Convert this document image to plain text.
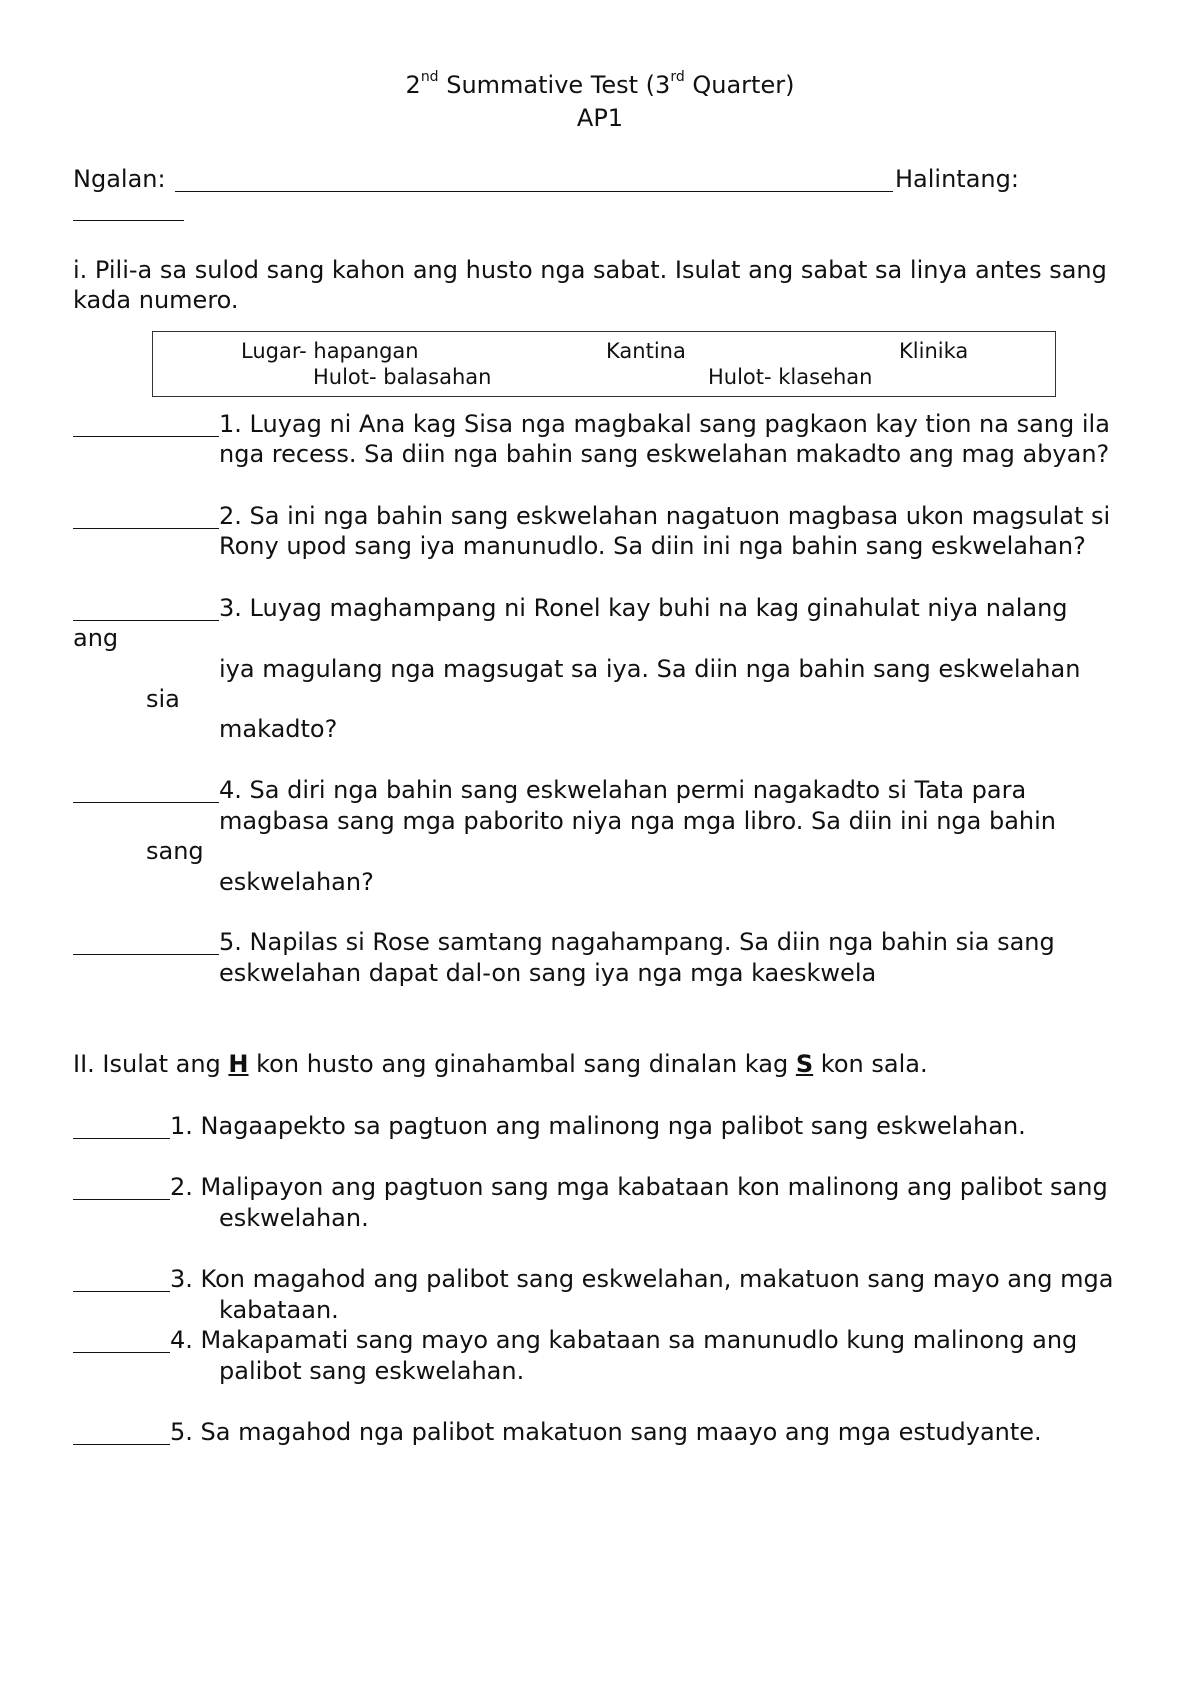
2nd Summative Test (3rd Quarter)
AP1
Ngalan:	Halintang:
i. Pili-a sa sulod sang kahon ang husto nga sabat. Isulat ang sabat sa linya antes sang
kada numero.
Lugar- hapangan	Kantina	Klinika
Hulot- balasahan	Hulot- klasehan
1. Luyag ni Ana kag Sisa nga magbakal sang pagkaon kay tion na sang ila
nga recess. Sa diin nga bahin sang eskwelahan makadto ang mag abyan?
2. Sa ini nga bahin sang eskwelahan nagatuon magbasa ukon magsulat si
Rony upod sang iya manunudlo. Sa diin ini nga bahin sang eskwelahan?
3. Luyag maghampang ni Ronel kay buhi na kag ginahulat niya nalang
ang
iya magulang nga magsugat sa iya. Sa diin nga bahin sang eskwelahan
sia
makadto?
4. Sa diri nga bahin sang eskwelahan permi nagakadto si Tata para
magbasa sang mga paborito niya nga mga libro. Sa diin ini nga bahin
sang
eskwelahan?
5. Napilas si Rose samtang nagahampang. Sa diin nga bahin sia sang
eskwelahan dapat dal-on sang iya nga mga kaeskwela
II. Isulat ang H kon husto ang ginahambal sang dinalan kag S kon sala.
1. Nagaapekto sa pagtuon ang malinong nga palibot sang eskwelahan.
2. Malipayon ang pagtuon sang mga kabataan kon malinong ang palibot sang
eskwelahan.
3. Kon magahod ang palibot sang eskwelahan, makatuon sang mayo ang mga
kabataan.
4. Makapamati sang mayo ang kabataan sa manunudlo kung malinong ang
palibot sang eskwelahan.
5. Sa magahod nga palibot makatuon sang maayo ang mga estudyante.
